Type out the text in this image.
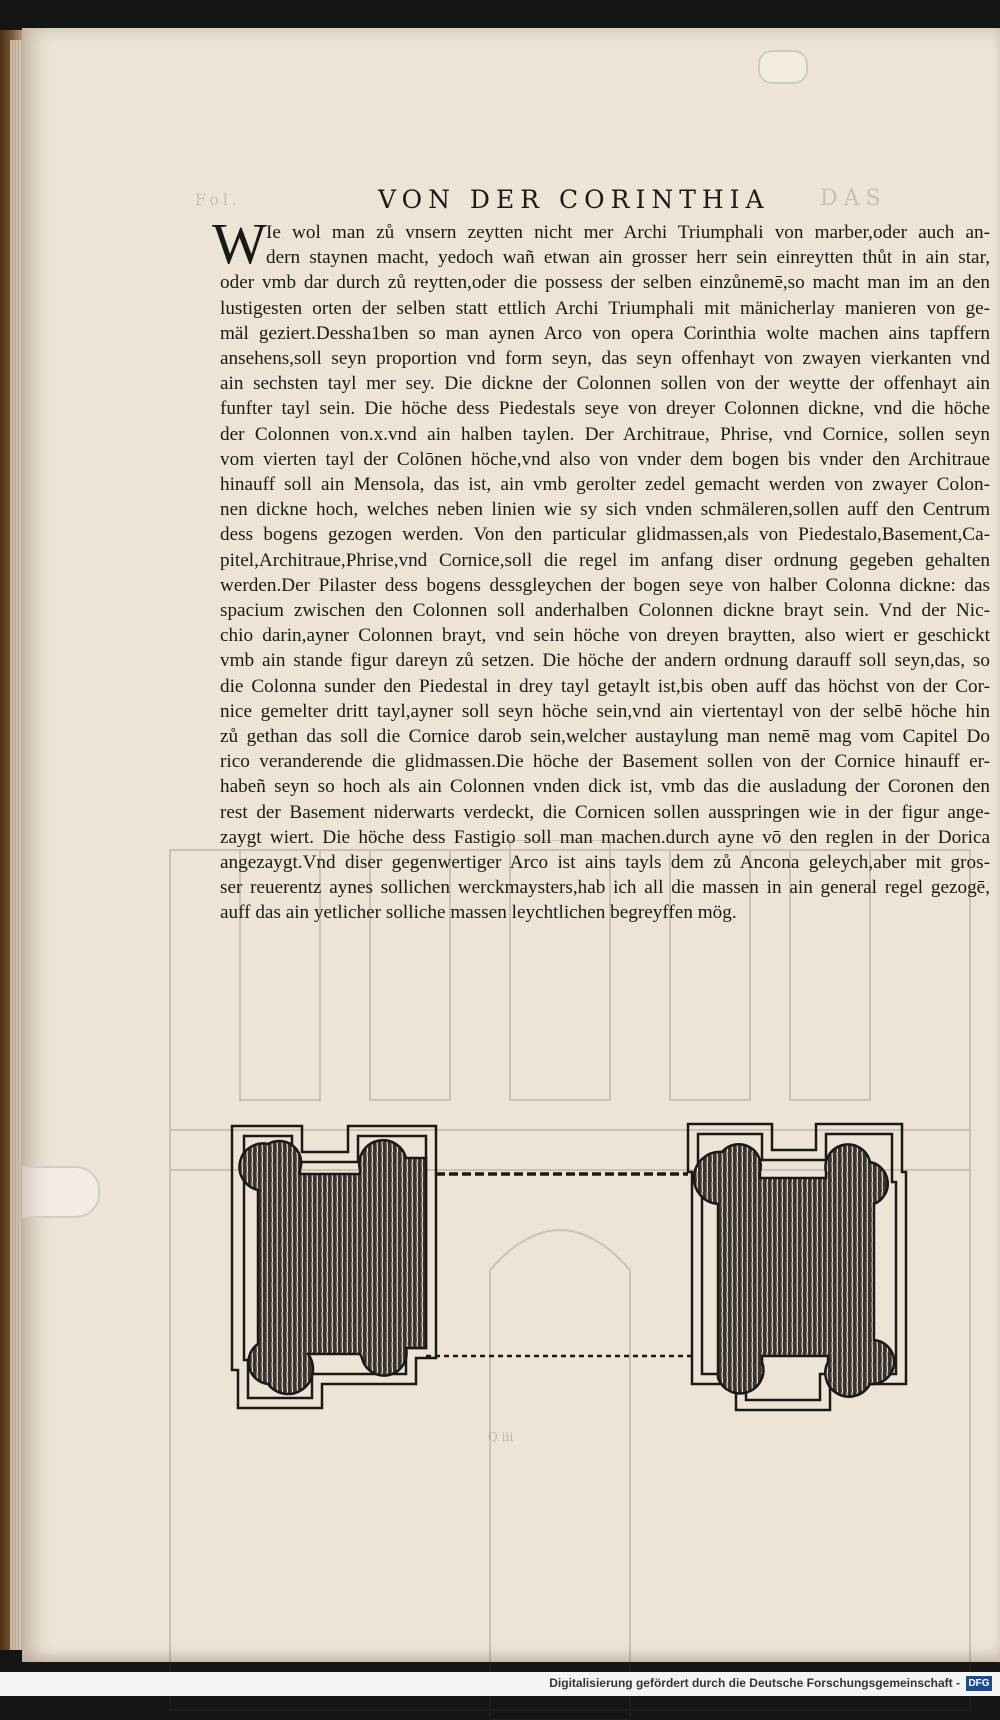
Fol.	DAS
VON DER CORINTHIA
W Ie wol man zů vnsern zeytten nicht mer Archi Triumphali von marber,oder auch an-
dern staynen macht, yedoch wañ etwan ain grosser herr sein einreytten thůt in ain star,
oder vmb dar durch zů reytten,oder die possess der selben einzůnemē,so macht man im an den
lustigesten orten der selben statt ettlich Archi Triumphali mit mänicherlay manieren von ge-
mäl geziert.Dessha1ben so man aynen Arco von opera Corinthia wolte machen ains tapffern
ansehens,soll seyn proportion vnd form seyn, das seyn offenhayt von zwayen vierkanten vnd
ain sechsten tayl mer sey. Die dickne der Colonnen sollen von der weytte der offenhayt ain
funfter tayl sein. Die höche dess Piedestals seye von dreyer Colonnen dickne, vnd die höche
der Colonnen von.x.vnd ain halben taylen. Der Architraue, Phrise, vnd Cornice, sollen seyn
vom vierten tayl der Colōnen höche,vnd also von vnder dem bogen bis vnder den Architraue
hinauff soll ain Mensola, das ist, ain vmb gerolter zedel gemacht werden von zwayer Colon-
nen dickne hoch, welches neben linien wie sy sich vnden schmäleren,sollen auff den Centrum
dess bogens gezogen werden. Von den particular glidmassen,als von Piedestalo,Basement,Ca-
pitel,Architraue,Phrise,vnd Cornice,soll die regel im anfang diser ordnung gegeben gehalten
werden.Der Pilaster dess bogens dessgleychen der bogen seye von halber Colonna dickne: das
spacium zwischen den Colonnen soll anderhalben Colonnen dickne brayt sein. Vnd der Nic-
chio darin,ayner Colonnen brayt, vnd sein höche von dreyen braytten, also wiert er geschickt
vmb ain stande figur dareyn zů setzen. Die höche der andern ordnung darauff soll seyn,das, so
die Colonna sunder den Piedestal in drey tayl getaylt ist,bis oben auff das höchst von der Cor-
nice gemelter dritt tayl,ayner soll seyn höche sein,vnd ain viertentayl von der selbē höche hin
zů gethan das soll die Cornice darob sein,welcher austaylung man nemē mag vom Capitel Do
rico veranderende die glidmassen.Die höche der Basement sollen von der Cornice hinauff er-
habeñ seyn so hoch als ain Colonnen vnden dick ist, vmb das die ausladung der Coronen den
rest der Basement niderwarts verdeckt, die Cornicen sollen ausspringen wie in der figur ange-
zaygt wiert. Die höche dess Fastigio soll man machen.durch ayne vō den reglen in der Dorica
angezaygt.Vnd diser gegenwertiger Arco ist ains tayls dem zů Ancona geleych,aber mit gros-
ser reuerentz aynes sollichen werckmaysters,hab ich all die massen in ain general regel gezogē,
auff das ain yetlicher solliche massen leychtlichen begreyffen mög.
Q iii
Digitalisierung gefördert durch die Deutsche Forschungsgemeinschaft - DFG
